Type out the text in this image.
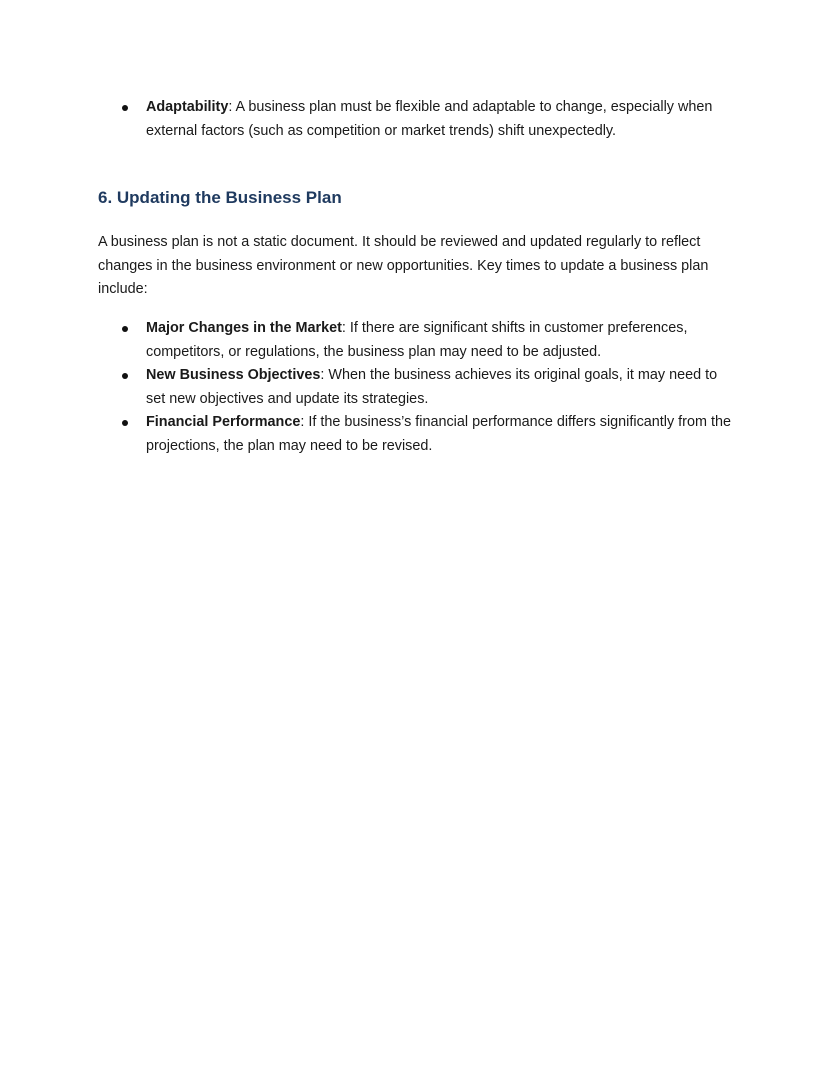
Adaptability: A business plan must be flexible and adaptable to change, especially when external factors (such as competition or market trends) shift unexpectedly.
6. Updating the Business Plan

A business plan is not a static document. It should be reviewed and updated regularly to reflect changes in the business environment or new opportunities. Key times to update a business plan include:

Major Changes in the Market: If there are significant shifts in customer preferences, competitors, or regulations, the business plan may need to be adjusted.
New Business Objectives: When the business achieves its original goals, it may need to set new objectives and update its strategies.
Financial Performance: If the business’s financial performance differs significantly from the projections, the plan may need to be revised.
